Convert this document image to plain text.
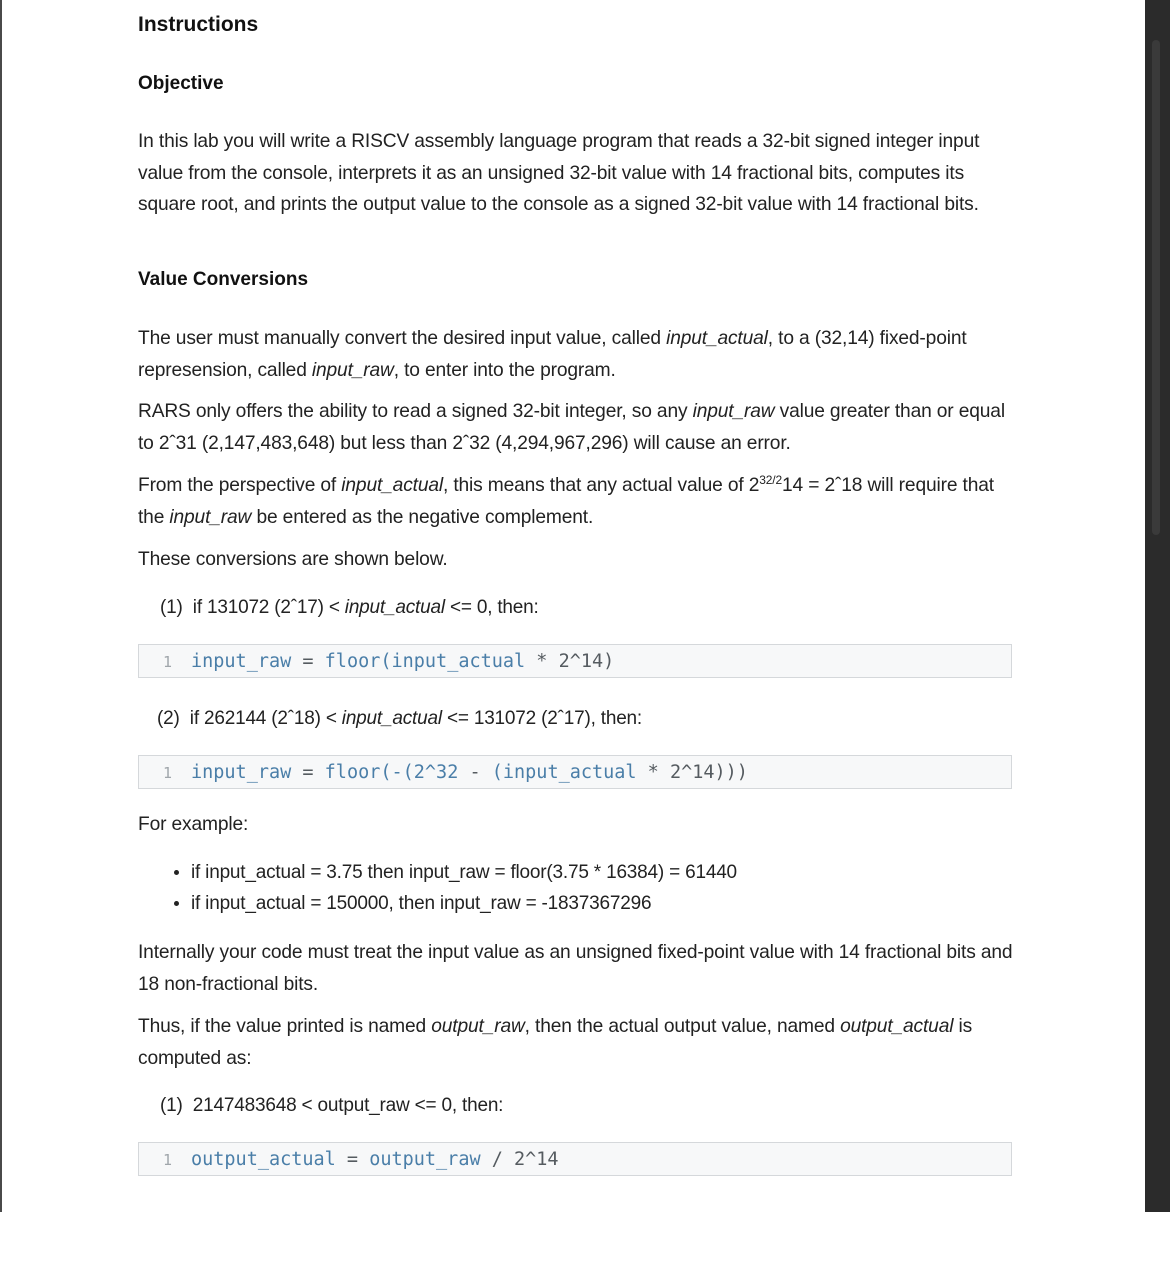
Instructions
Objective

In this lab you will write a RISCV assembly language program that reads a 32-bit signed integer input value from the console, interprets it as an unsigned 32-bit value with 14 fractional bits, computes its square root, and prints the output value to the console as a signed 32-bit value with 14 fractional bits.

Value Conversions

The user must manually convert the desired input value, called input_actual, to a (32,14) fixed-point represension, called input_raw, to enter into the program.

RARS only offers the ability to read a signed 32-bit integer, so any input_raw value greater than or equal to 2ˆ31 (2,147,483,648) but less than 2ˆ32 (4,294,967,296) will cause an error.

From the perspective of input_actual, this means that any actual value of $2^{32/2}14$ = 2ˆ18 will require that the input_raw be entered as the negative complement.

These conversions are shown below.

(1) if 131072 (2ˆ17) < input_actual <= 0, then:

1

input_raw = floor(input_actual * 2^14)

(2) if 262144 (2ˆ18) < input_actual <= 131072 (2ˆ17), then:

1

input_raw = floor(-(2^32 - (input_actual * 2^14)))

For example:

if input_actual = 3.75 then input_raw = floor(3.75 * 16384) = 61440
if input_actual = 150000, then input_raw = -1837367296

Internally your code must treat the input value as an unsigned fixed-point value with 14 fractional bits and 18 non-fractional bits.

Thus, if the value printed is named output_raw, then the actual output value, named output_actual is computed as:

(1) 2147483648 < output_raw <= 0, then:

1

output_actual = output_raw / 2^14
